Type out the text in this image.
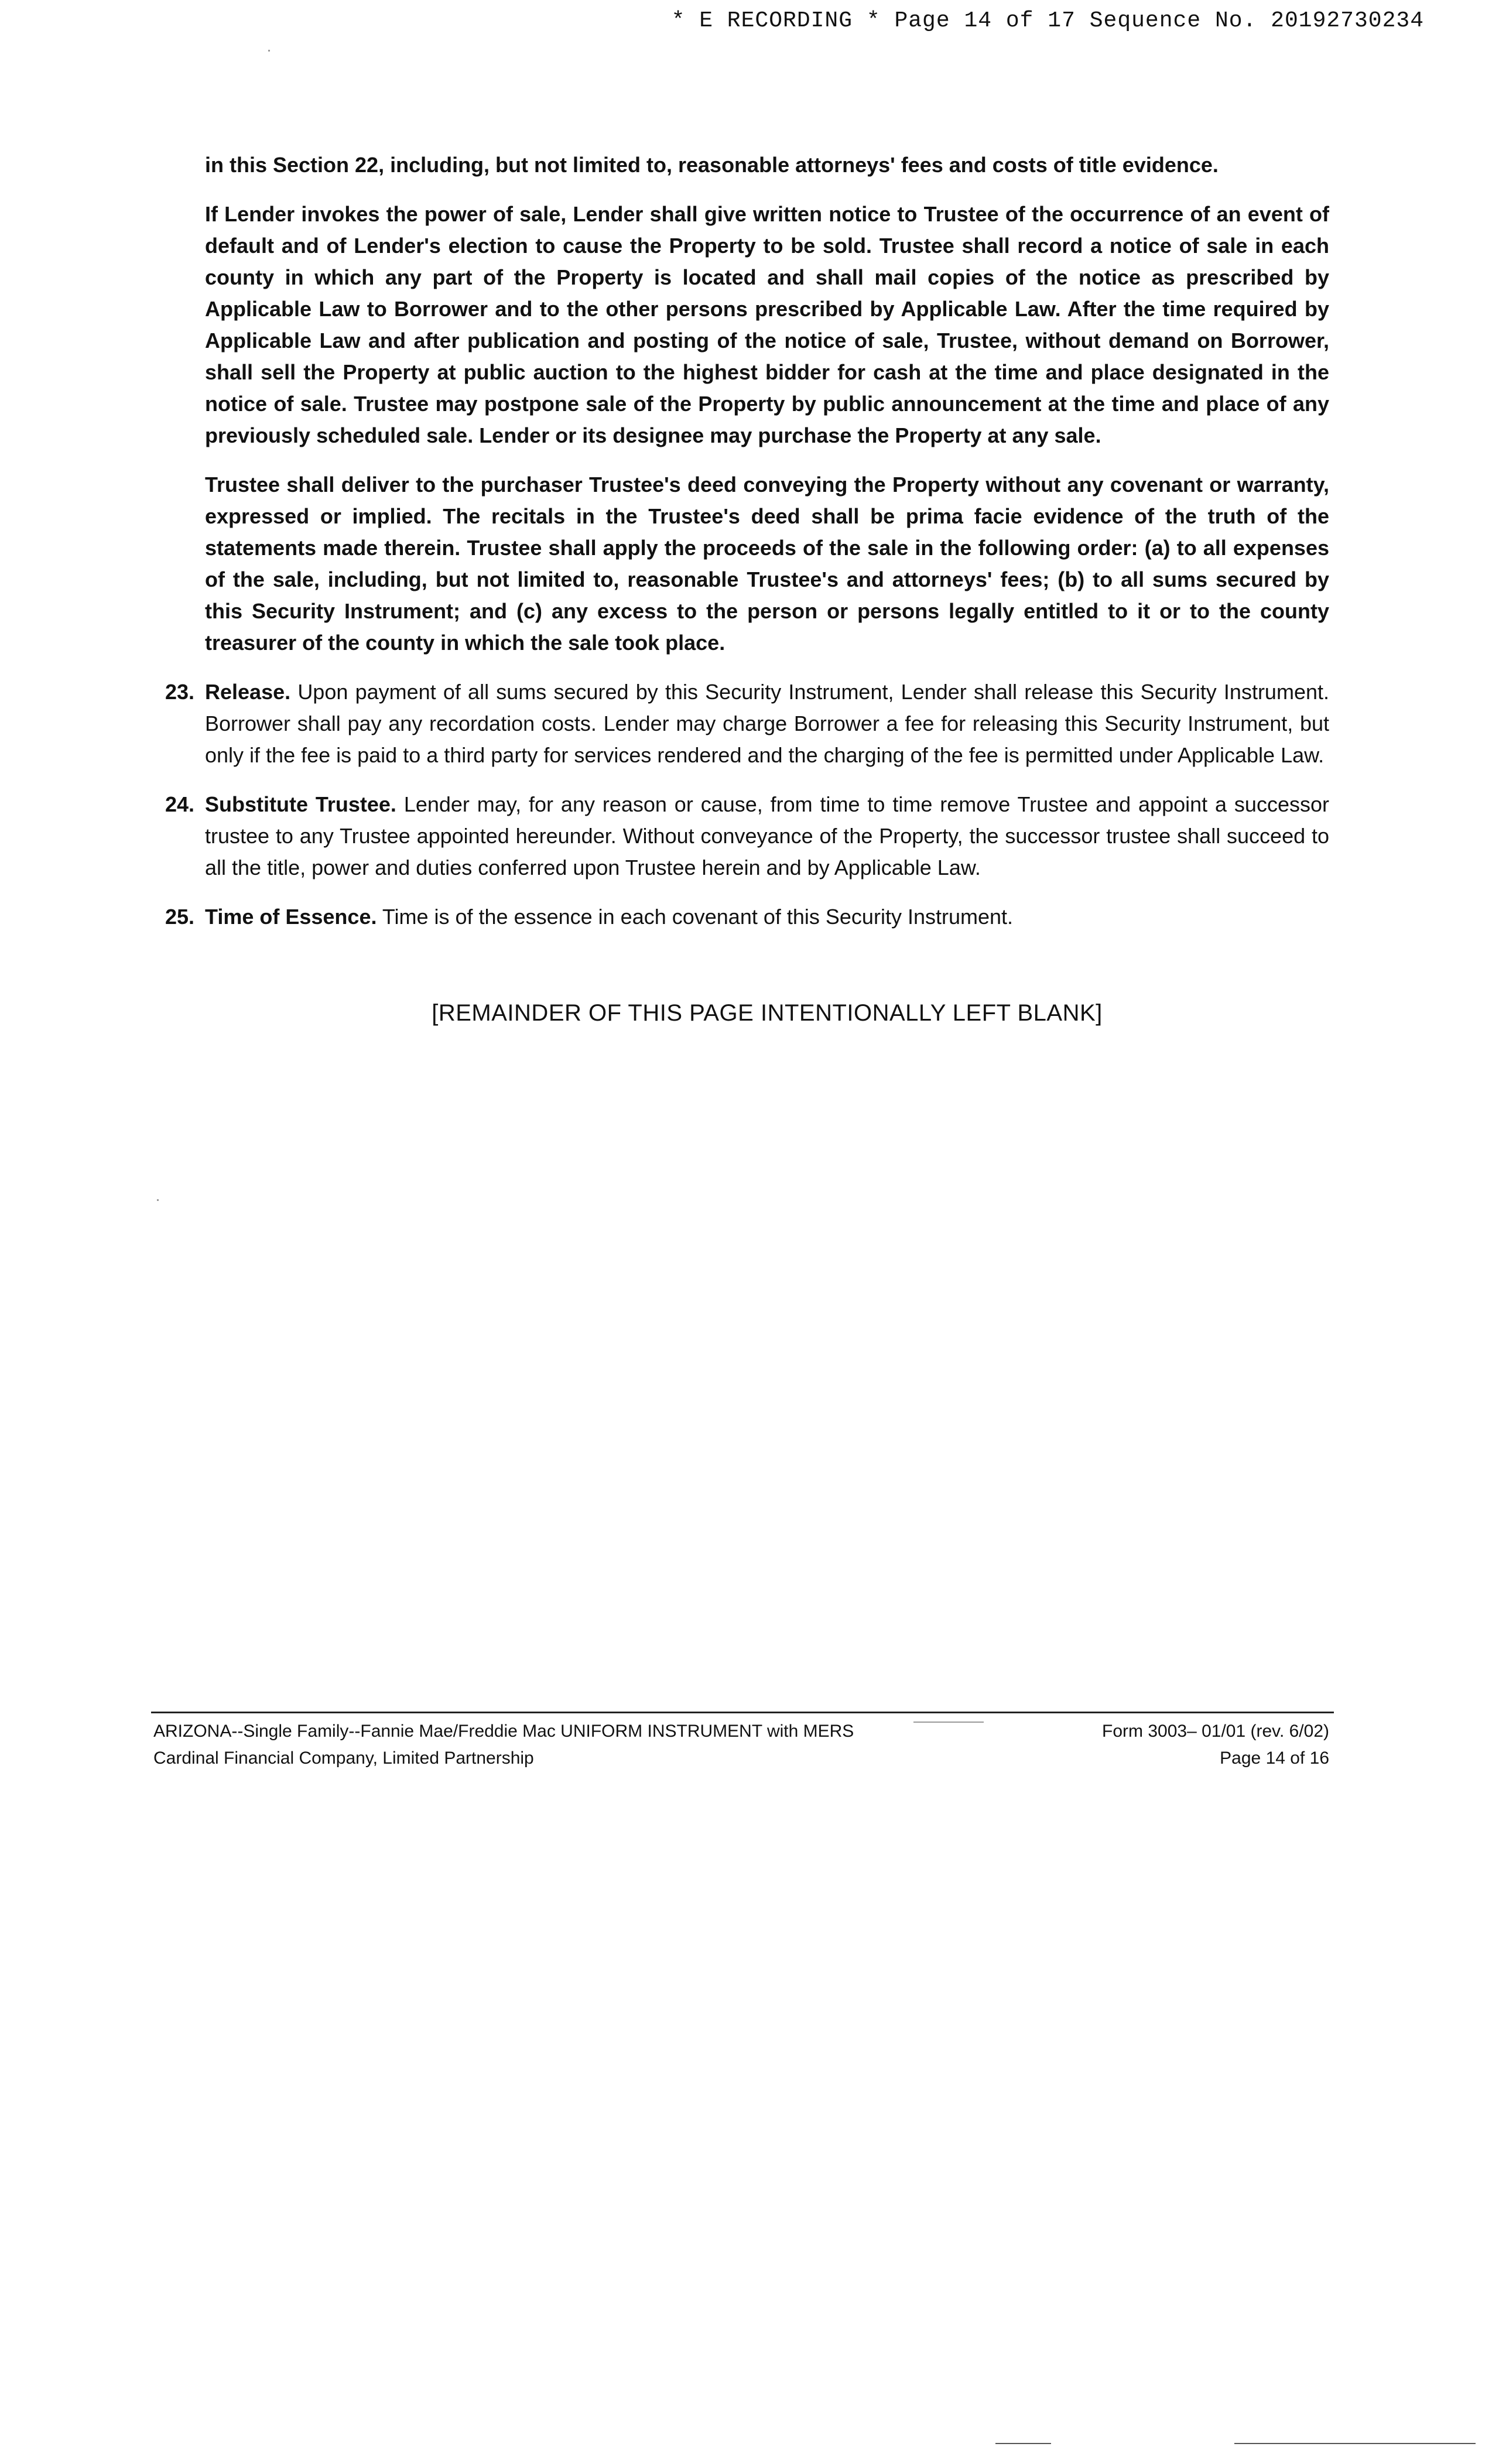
* E RECORDING * Page 14 of 17 Sequence No. 20192730234

in this Section 22, including, but not limited to, reasonable attorneys' fees and costs of title evidence.

If Lender invokes the power of sale, Lender shall give written notice to Trustee of the occurrence of an event of default and of Lender's election to cause the Property to be sold. Trustee shall record a notice of sale in each county in which any part of the Property is located and shall mail copies of the notice as prescribed by Applicable Law to Borrower and to the other persons prescribed by Applicable Law. After the time required by Applicable Law and after publication and posting of the notice of sale, Trustee, without demand on Borrower, shall sell the Property at public auction to the highest bidder for cash at the time and place designated in the notice of sale. Trustee may postpone sale of the Property by public announcement at the time and place of any previously scheduled sale. Lender or its designee may purchase the Property at any sale.

Trustee shall deliver to the purchaser Trustee's deed conveying the Property without any covenant or warranty, expressed or implied. The recitals in the Trustee's deed shall be prima facie evidence of the truth of the statements made therein. Trustee shall apply the proceeds of the sale in the following order: (a) to all expenses of the sale, including, but not limited to, reasonable Trustee's and attorneys' fees; (b) to all sums secured by this Security Instrument; and (c) any excess to the person or persons legally entitled to it or to the county treasurer of the county in which the sale took place.

23. Release. Upon payment of all sums secured by this Security Instrument, Lender shall release this Security Instrument. Borrower shall pay any recordation costs. Lender may charge Borrower a fee for releasing this Security Instrument, but only if the fee is paid to a third party for services rendered and the charging of the fee is permitted under Applicable Law.
24. Substitute Trustee. Lender may, for any reason or cause, from time to time remove Trustee and appoint a successor trustee to any Trustee appointed hereunder. Without conveyance of the Property, the successor trustee shall succeed to all the title, power and duties conferred upon Trustee herein and by Applicable Law.
25. Time of Essence. Time is of the essence in each covenant of this Security Instrument.
[REMAINDER OF THIS PAGE INTENTIONALLY LEFT BLANK]
ARIZONA--Single Family--Fannie Mae/Freddie Mac UNIFORM INSTRUMENT with MERS
Cardinal Financial Company, Limited Partnership
Form 3003– 01/01 (rev. 6/02)
Page 14 of 16
